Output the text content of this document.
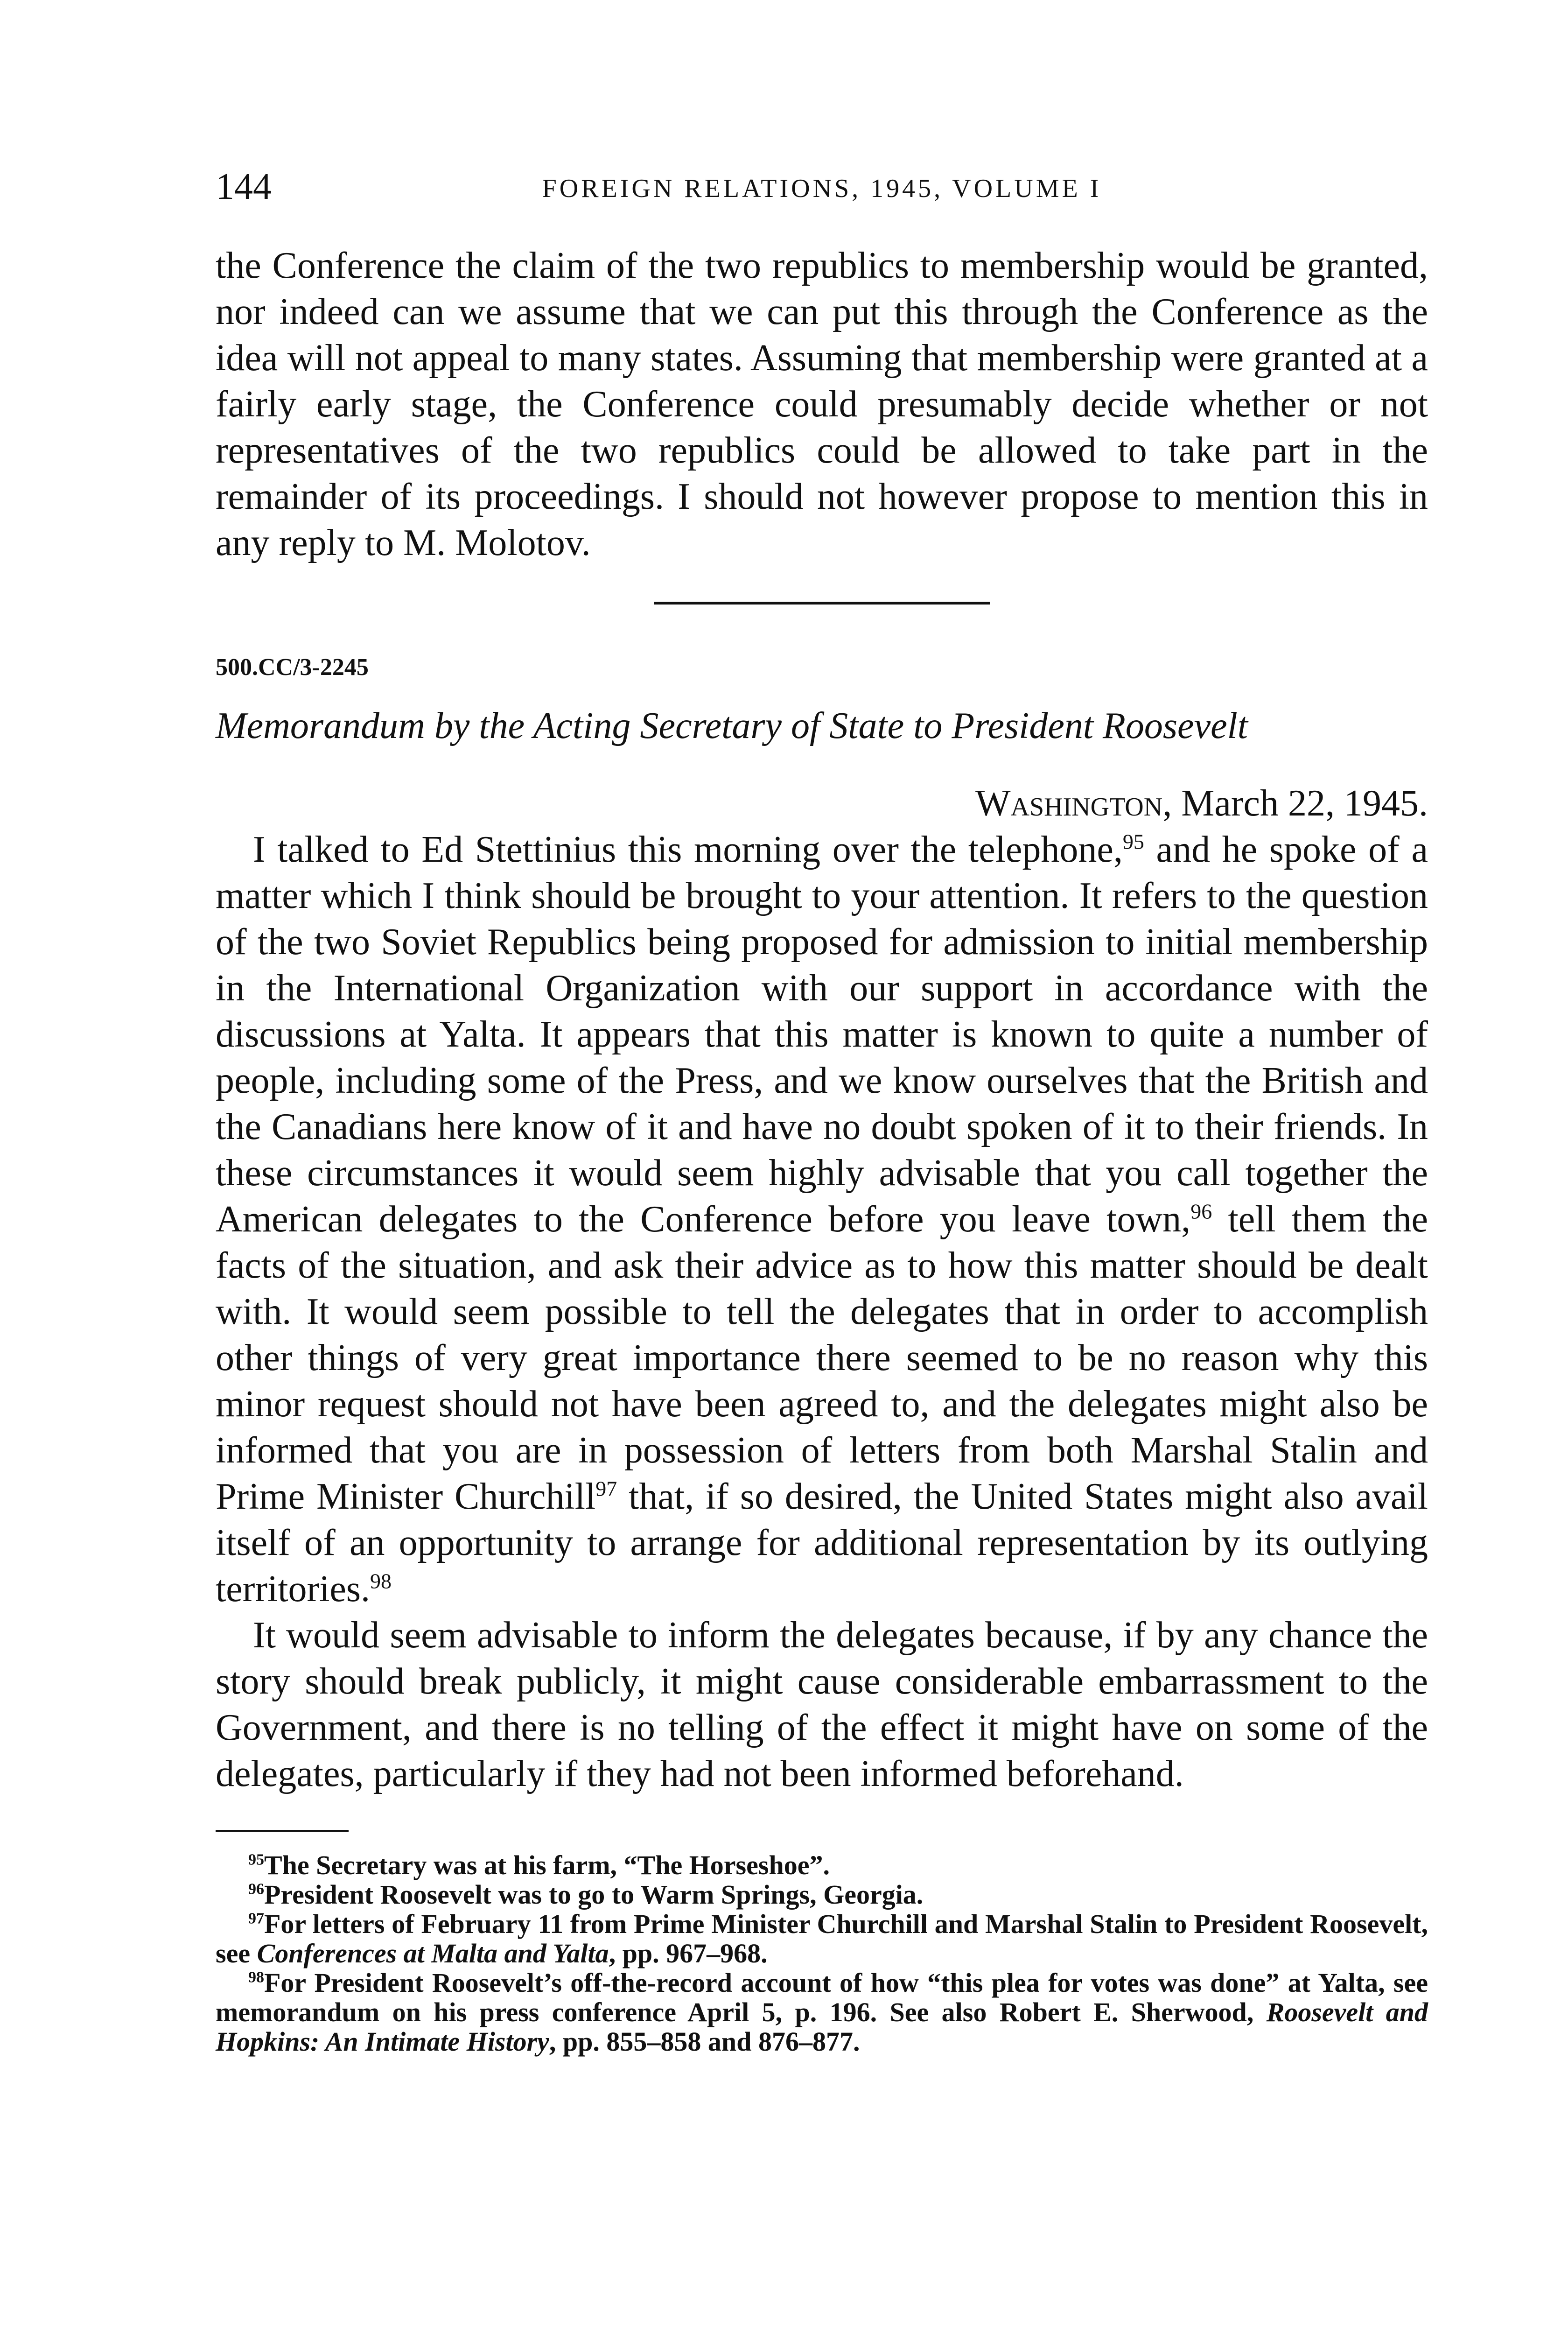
144	FOREIGN RELATIONS, 1945, VOLUME I

the Conference the claim of the two republics to membership would be granted, nor indeed can we assume that we can put this through the Conference as the idea will not appeal to many states. Assuming that membership were granted at a fairly early stage, the Conference could presumably decide whether or not representatives of the two republics could be allowed to take part in the remainder of its proceedings. I should not however propose to mention this in any reply to M. Molotov.

500.CC/3-2245

Memorandum by the Acting Secretary of State to President Roosevelt

Washington, March 22, 1945.

I talked to Ed Stettinius this morning over the telephone,$^{95}$ and he spoke of a matter which I think should be brought to your attention. It refers to the question of the two Soviet Republics being proposed for admission to initial membership in the International Organization with our support in accordance with the discussions at Yalta. It appears that this matter is known to quite a number of people, including some of the Press, and we know ourselves that the British and the Canadians here know of it and have no doubt spoken of it to their friends. In these circumstances it would seem highly advisable that you call together the American delegates to the Conference before you leave town,$^{96}$ tell them the facts of the situation, and ask their advice as to how this matter should be dealt with. It would seem possible to tell the delegates that in order to accomplish other things of very great importance there seemed to be no reason why this minor request should not have been agreed to, and the delegates might also be informed that you are in possession of letters from both Marshal Stalin and Prime Minister Churchill$^{97}$ that, if so desired, the United States might also avail itself of an opportunity to arrange for additional representation by its outlying territories.$^{98}$

It would seem advisable to inform the delegates because, if by any chance the story should break publicly, it might cause considerable embarrassment to the Government, and there is no telling of the effect it might have on some of the delegates, particularly if they had not been informed beforehand.

$^{95}$The Secretary was at his farm, “The Horseshoe”.

$^{96}$President Roosevelt was to go to Warm Springs, Georgia.

$^{97}$For letters of February 11 from Prime Minister Churchill and Marshal Stalin to President Roosevelt, see Conferences at Malta and Yalta, pp. 967–968.

$^{98}$For President Roosevelt’s off-the-record account of how “this plea for votes was done” at Yalta, see memorandum on his press conference April 5, p. 196. See also Robert E. Sherwood, Roosevelt and Hopkins: An Intimate History, pp. 855–858 and 876–877.
